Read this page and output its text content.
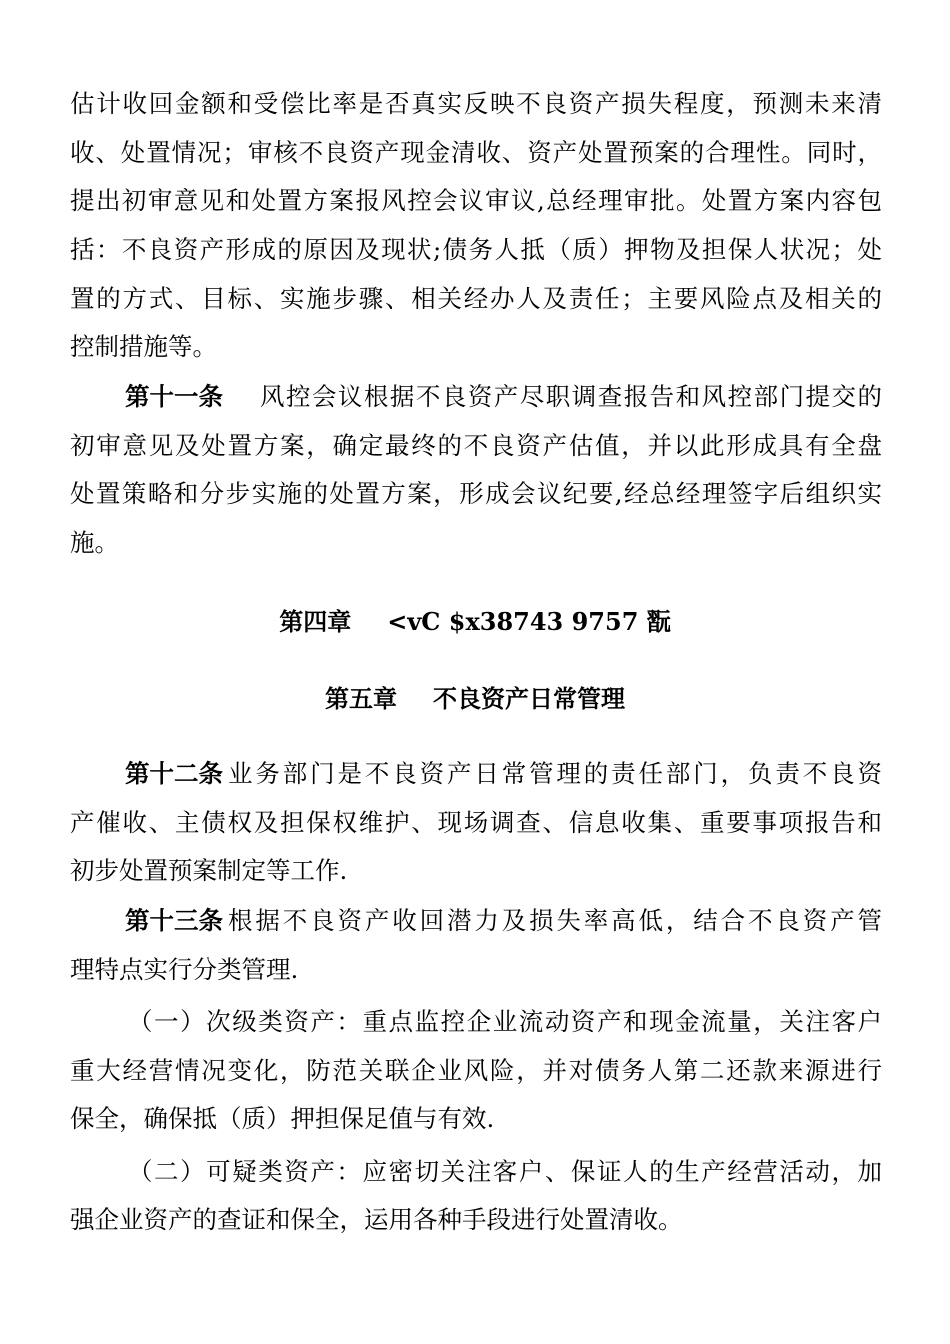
估计收回金额和受偿比率是否真实反映不良资产损失程度，预测未来清
收、处置情况；审核不良资产现金清收、资产处置预案的合理性。同时，
提出初审意见和处置方案报风控会议审议,总经理审批。处置方案内容包
括：不良资产形成的原因及现状;债务人抵（质）押物及担保人状况；处
置的方式、目标、实施步骤、相关经办人及责任；主要风险点及相关的
控制措施等。
第十一条	风控会议根据不良资产尽职调查报告和风控部门提交的
初审意见及处置方案，确定最终的不良资产估值，并以此形成具有全盘
处置策略和分步实施的处置方案，形成会议纪要,经总经理签字后组织实
施。
第四章 <vC $x38743 9757 翫
第五章 不良资产日常管理
第十二条 业务部门是不良资产日常管理的责任部门，负责不良资
产催收、主债权及担保权维护、现场调查、信息收集、重要事项报告和
初步处置预案制定等工作.
第十三条 根据不良资产收回潜力及损失率高低，结合不良资产管
理特点实行分类管理.
（一）次级类资产：重点监控企业流动资产和现金流量，关注客户
重大经营情况变化，防范关联企业风险，并对债务人第二还款来源进行
保全，确保抵（质）押担保足值与有效.
（二）可疑类资产：应密切关注客户、保证人的生产经营活动，加
强企业资产的查证和保全，运用各种手段进行处置清收。
